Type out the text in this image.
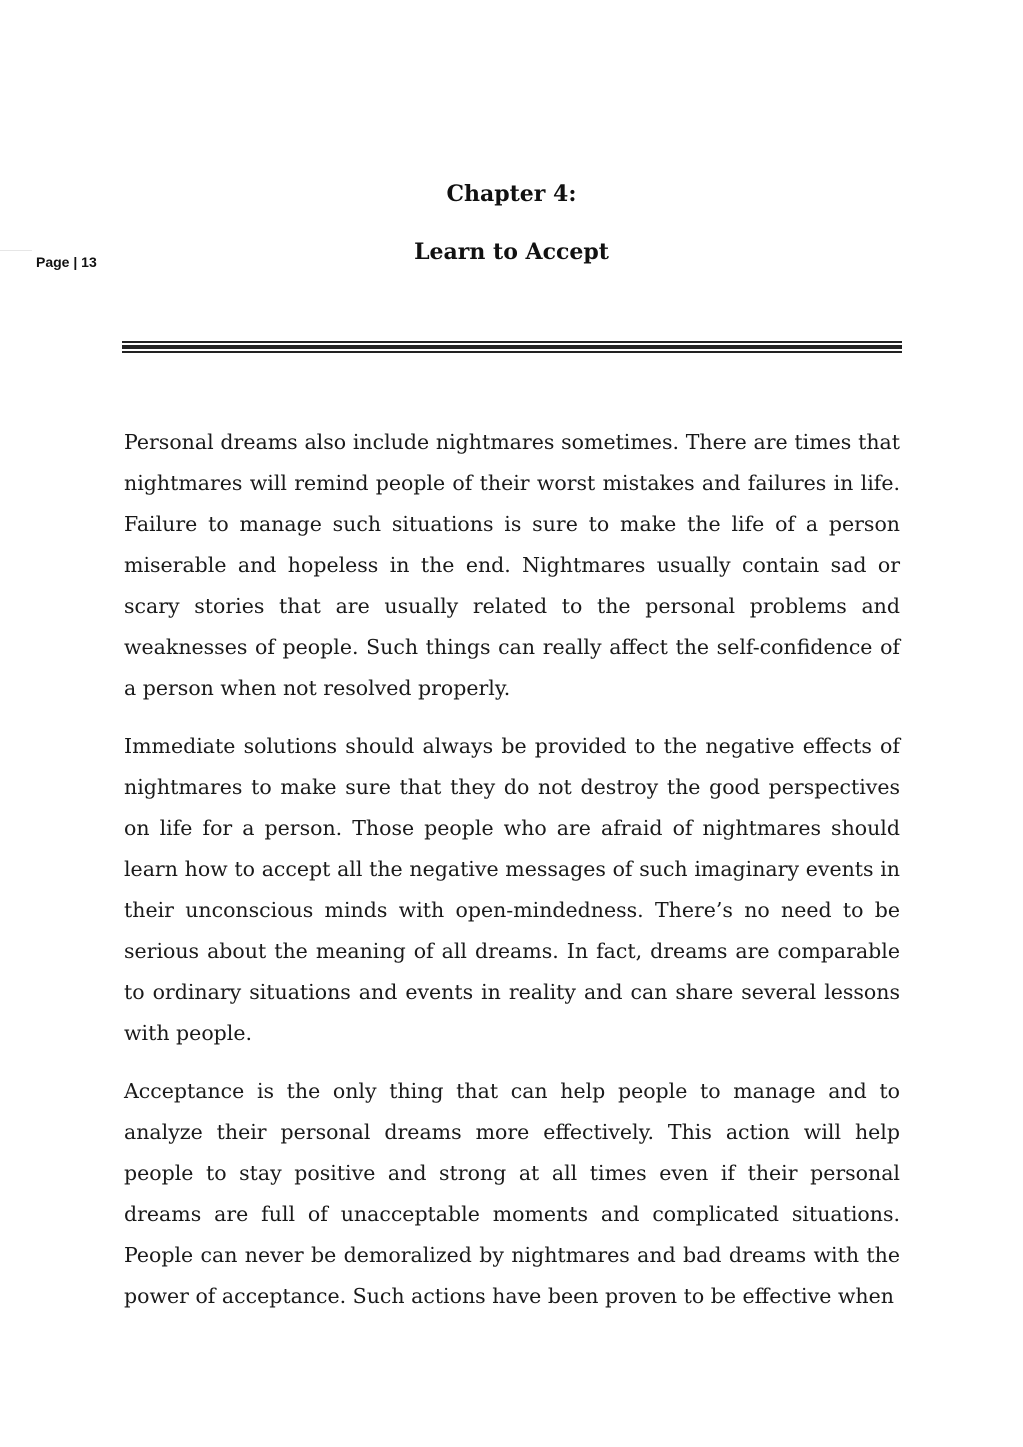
Page | 13
Chapter 4:
Learn to Accept

Personal dreams also include nightmares sometimes. There are times that nightmares will remind people of their worst mistakes and failures in life. Failure to manage such situations is sure to make the life of a person miserable and hopeless in the end. Nightmares usually contain sad or scary stories that are usually related to the personal problems and weaknesses of people. Such things can really affect the self-confidence of a person when not resolved properly.

Immediate solutions should always be provided to the negative effects of nightmares to make sure that they do not destroy the good perspectives on life for a person. Those people who are afraid of nightmares should learn how to accept all the negative messages of such imaginary events in their unconscious minds with open-mindedness. There’s no need to be serious about the meaning of all dreams. In fact, dreams are comparable to ordinary situations and events in reality and can share several lessons with people.

Acceptance is the only thing that can help people to manage and to analyze their personal dreams more effectively. This action will help people to stay positive and strong at all times even if their personal dreams are full of unacceptable moments and complicated situations. People can never be demoralized by nightmares and bad dreams with the power of acceptance. Such actions have been proven to be effective when
